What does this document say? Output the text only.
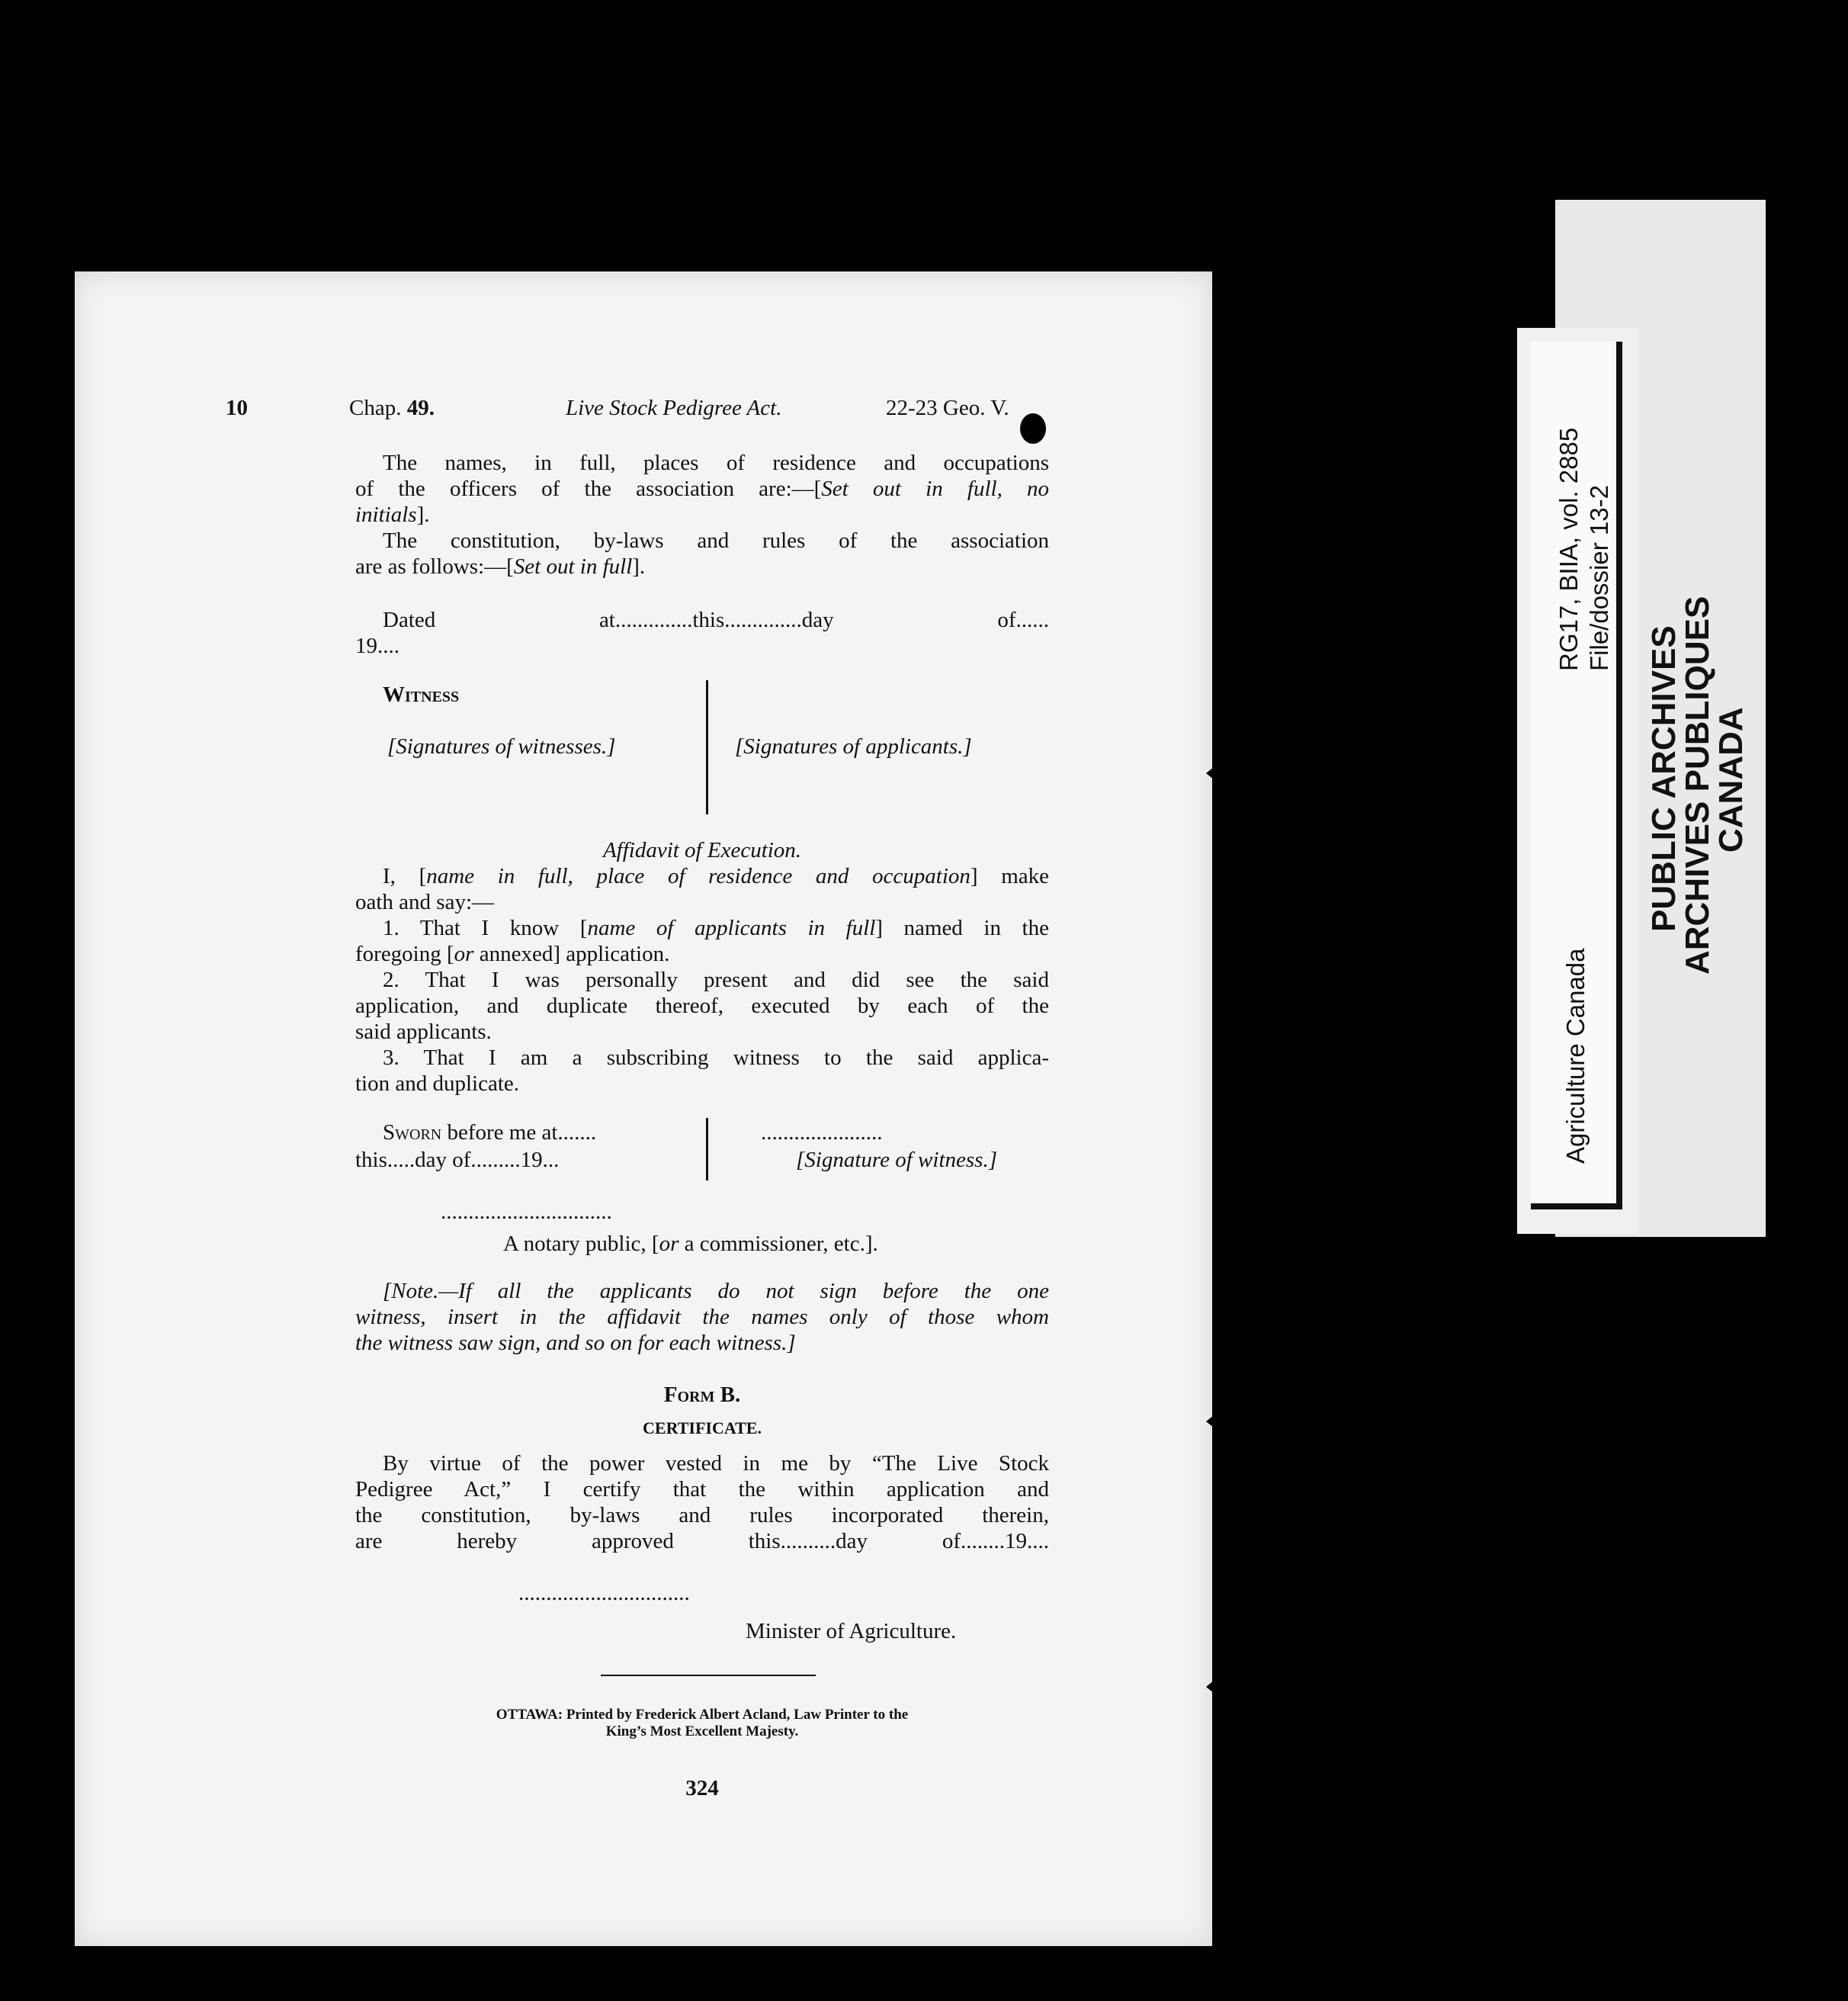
10	Chap. 49.	Live Stock Pedigree Act.	22-23 Geo. V.
The names, in full, places of residence and occupations
of the officers of the association are:—[Set out in full, no
initials].
The constitution, by-laws and rules of the association
are as follows:—[Set out in full].
Dated at..............this..............day of......
19....
Witness
[Signatures of witnesses.]	[Signatures of applicants.]
Affidavit of Execution.
I, [name in full, place of residence and occupation] make
oath and say:—
1. That I know [name of applicants in full] named in the
foregoing [or annexed] application.
2. That I was personally present and did see the said
application, and duplicate thereof, executed by each of the
said applicants.
3. That I am a subscribing witness to the said applica-
tion and duplicate.
Sworn before me at.......
this.....day of.........19...
......................
[Signature of witness.]
...............................
A notary public, [or a commissioner, etc.].
[Note.—If all the applicants do not sign before the one
witness, insert in the affidavit the names only of those whom
the witness saw sign, and so on for each witness.]
Form B.
CERTIFICATE.
By virtue of the power vested in me by “The Live Stock
Pedigree Act,” I certify that the within application and
the constitution, by-laws and rules incorporated therein,
are hereby approved this..........day of........19....
...............................
Minister of Agriculture.
OTTAWA: Printed by Frederick Albert Acland, Law Printer to the
King’s Most Excellent Majesty.
324
Agriculture Canada
RG17, BIIA, vol. 2885 File/dossier 13-2
PUBLIC ARCHIVES
ARCHIVES PUBLIQUES
CANADA
